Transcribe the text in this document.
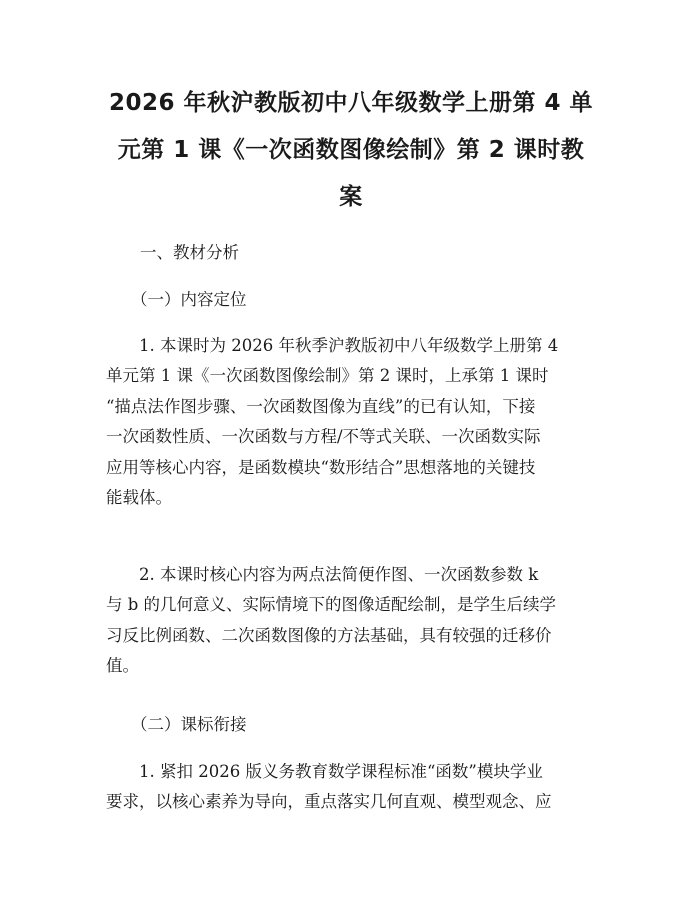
2026 年秋沪教版初中八年级数学上册第 4 单
元第 1 课《一次函数图像绘制》第 2 课时教
案
一、教材分析
（一）内容定位
1. 本课时为 2026 年秋季沪教版初中八年级数学上册第 4
单元第 1 课《一次函数图像绘制》第 2 课时，上承第 1 课时
“描点法作图步骤、一次函数图像为直线”的已有认知，下接
一次函数性质、一次函数与方程/不等式关联、一次函数实际
应用等核心内容，是函数模块“数形结合”思想落地的关键技
能载体。
2. 本课时核心内容为两点法简便作图、一次函数参数 k
与 b 的几何意义、实际情境下的图像适配绘制，是学生后续学
习反比例函数、二次函数图像的方法基础，具有较强的迁移价
值。
（二）课标衔接
1. 紧扣 2026 版义务教育数学课程标准“函数”模块学业
要求，以核心素养为导向，重点落实几何直观、模型观念、应
